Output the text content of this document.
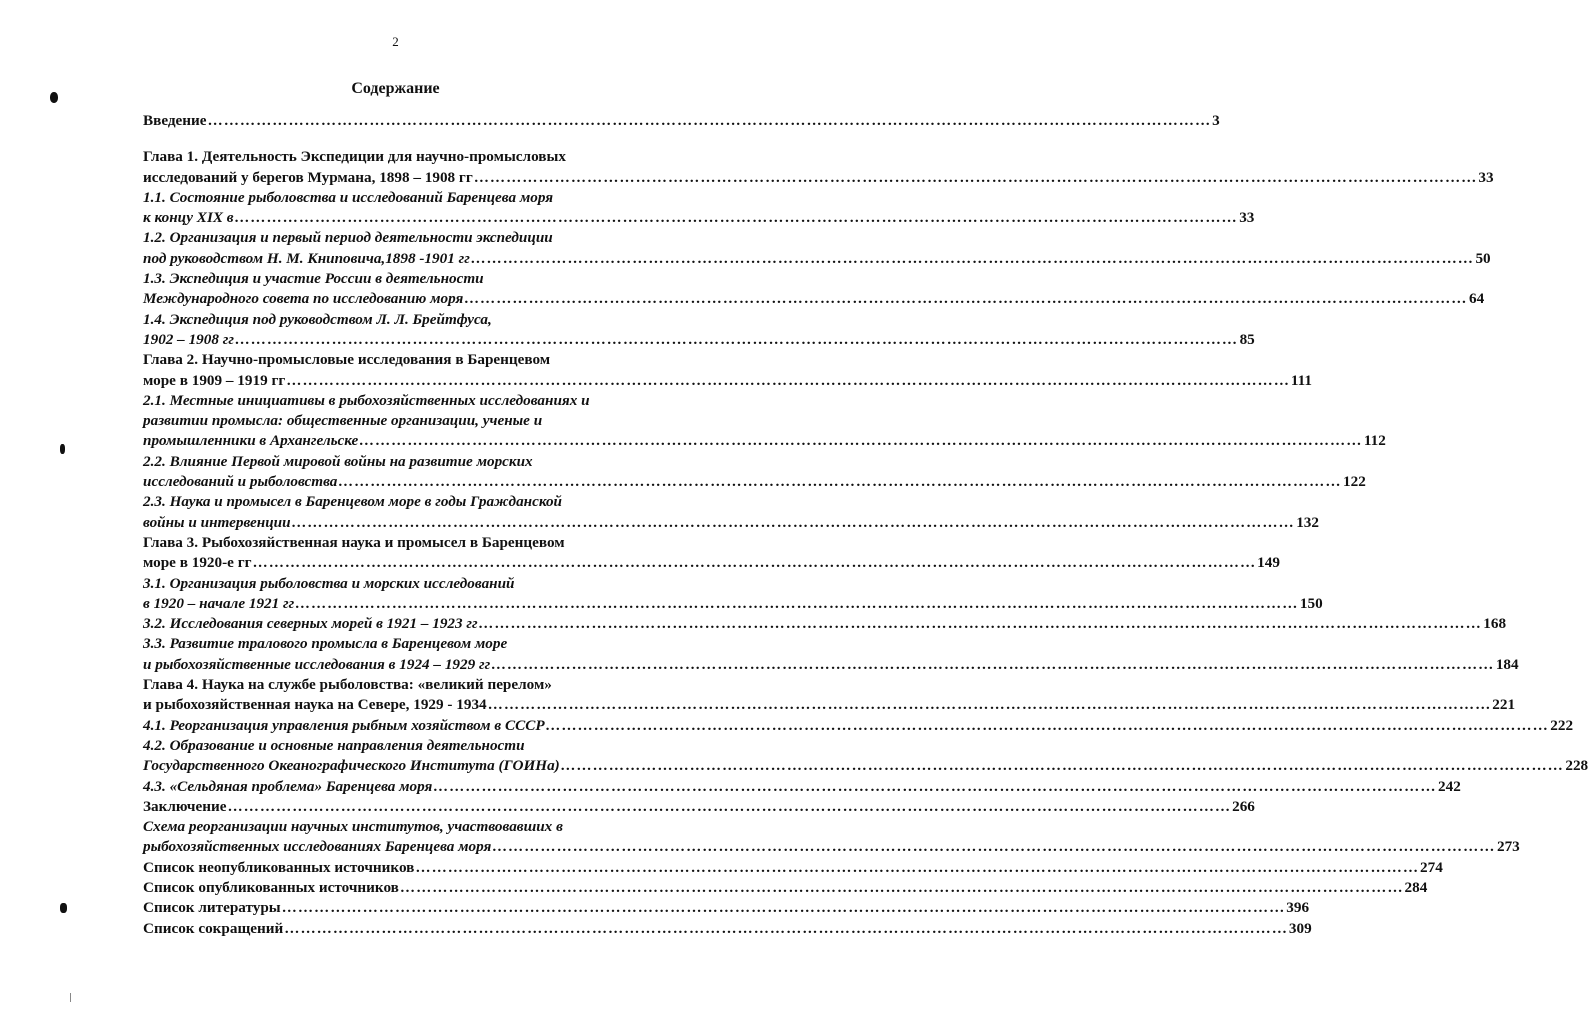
2
Содержание
Введение …………………………………………………………………………………………………………………………………………………………………… 3
Глава 1. Деятельность Экспедиции для научно-промысловых
исследований у берегов Мурмана, 1898 – 1908 гг …………………………………………………………………………………………………………………………………………………………………… 33
1.1. Состояние рыболовства и исследований Баренцева моря
к концу XIX в …………………………………………………………………………………………………………………………………………………………………… 33
1.2. Организация и первый период деятельности экспедиции
под руководством Н. М. Книповича,1898 -1901 гг …………………………………………………………………………………………………………………………………………………………………… 50
1.3. Экспедиция и участие России в деятельности
Международного совета по исследованию моря …………………………………………………………………………………………………………………………………………………………………… 64
1.4. Экспедиция под руководством Л. Л. Брейтфуса,
1902 – 1908 гг …………………………………………………………………………………………………………………………………………………………………… 85
Глава 2. Научно-промысловые исследования в Баренцевом
море в 1909 – 1919 гг …………………………………………………………………………………………………………………………………………………………………… 111
2.1. Местные инициативы в рыбохозяйственных исследованиях и
развитии промысла: общественные организации, ученые и
промышленники в Архангельске …………………………………………………………………………………………………………………………………………………………………… 112
2.2. Влияние Первой мировой войны на развитие морских
исследований и рыболовства …………………………………………………………………………………………………………………………………………………………………… 122
2.3. Наука и промысел в Баренцевом море в годы Гражданской
войны и интервенции …………………………………………………………………………………………………………………………………………………………………… 132
Глава 3. Рыбохозяйственная наука и промысел в Баренцевом
море в 1920-е гг …………………………………………………………………………………………………………………………………………………………………… 149
3.1. Организация рыболовства и морских исследований
в 1920 – начале 1921 гг …………………………………………………………………………………………………………………………………………………………………… 150
3.2. Исследования северных морей в 1921 – 1923 гг …………………………………………………………………………………………………………………………………………………………………… 168
3.3. Развитие тралового промысла в Баренцевом море
и рыбохозяйственные исследования в 1924 – 1929 гг …………………………………………………………………………………………………………………………………………………………………… 184
Глава 4. Наука на службе рыболовства: «великий перелом»
и рыбохозяйственная наука на Севере, 1929 - 1934 …………………………………………………………………………………………………………………………………………………………………… 221
4.1. Реорганизация управления рыбным хозяйством в СССР …………………………………………………………………………………………………………………………………………………………………… 222
4.2. Образование и основные направления деятельности
Государственного Океанографического Института (ГОИНа) …………………………………………………………………………………………………………………………………………………………………… 228
4.3. «Сельдяная проблема» Баренцева моря …………………………………………………………………………………………………………………………………………………………………… 242
Заключение …………………………………………………………………………………………………………………………………………………………………… 266
Схема реорганизации научных институтов, участвовавших в
рыбохозяйственных исследованиях Баренцева моря …………………………………………………………………………………………………………………………………………………………………… 273
Список неопубликованных источников …………………………………………………………………………………………………………………………………………………………………… 274
Список опубликованных источников …………………………………………………………………………………………………………………………………………………………………… 284
Список литературы …………………………………………………………………………………………………………………………………………………………………… 396
Список сокращений …………………………………………………………………………………………………………………………………………………………………… 309
